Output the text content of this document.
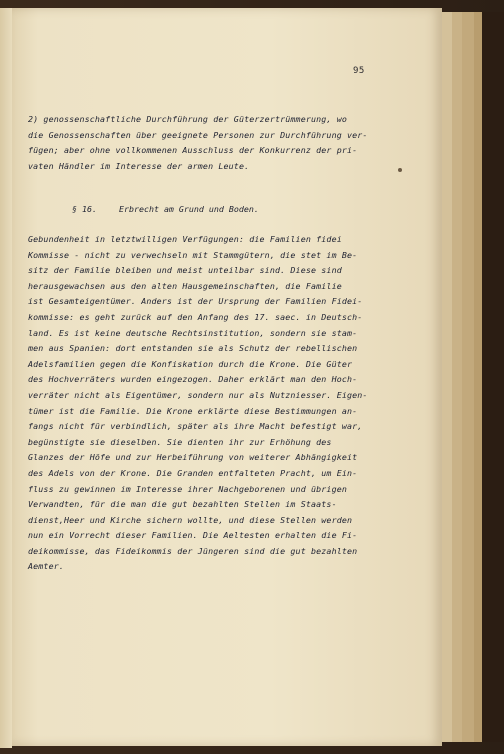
95
2) genossenschaftliche Durchführung der Güterzertrümmerung, wo
die Genossenschaften über geeignete Personen zur Durchführung ver-
fügen; aber ohne vollkommenen Ausschluss der Konkurrenz der pri-
vaten Händler im Interesse der armen Leute.
§ 16.	Erbrecht am Grund und Boden.
Gebundenheit in letztwilligen Verfügungen: die Familien fidei
Kommisse - nicht zu verwechseln mit Stammgütern, die stet im Be-
sitz der Familie bleiben und meist unteilbar sind. Diese sind
herausgewachsen aus den alten Hausgemeinschaften, die Familie
ist Gesamteigentümer. Anders ist der Ursprung der Familien Fidei-
kommisse: es geht zurück auf den Anfang des 17. saec. in Deutsch-
land. Es ist keine deutsche Rechtsinstitution, sondern sie stam-
men aus Spanien: dort entstanden sie als Schutz der rebellischen
Adelsfamilien gegen die Konfiskation durch die Krone. Die Güter
des Hochverräters wurden eingezogen. Daher erklärt man den Hoch-
verräter nicht als Eigentümer, sondern nur als Nutzniesser. Eigen-
tümer ist die Familie. Die Krone erklärte diese Bestimmungen an-
fangs nicht für verbindlich, später als ihre Macht befestigt war,
begünstigte sie dieselben. Sie dienten ihr zur Erhöhung des
Glanzes der Höfe und zur Herbeiführung von weiterer Abhängigkeit
des Adels von der Krone. Die Granden entfalteten Pracht, um Ein-
fluss zu gewinnen im Interesse ihrer Nachgeborenen und übrigen
Verwandten, für die man die gut bezahlten Stellen im Staats-
dienst,Heer und Kirche sichern wollte, und diese Stellen werden
nun ein Vorrecht dieser Familien. Die Aeltesten erhalten die Fi-
deikommisse, das Fideikommis der Jüngeren sind die gut bezahlten
Aemter.
